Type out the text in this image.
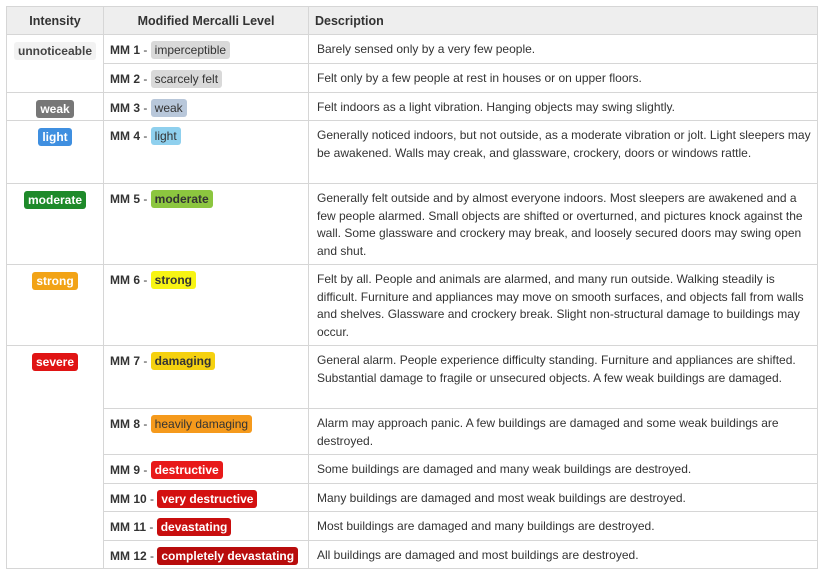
Intensity	Modified Mercalli Level	Description
unnoticeable	MM 1 - imperceptible	Barely sensed only by a very few people.
	MM 2 - scarcely felt	Felt only by a few people at rest in houses or on upper floors.
weak	MM 3 - weak	Felt indoors as a light vibration. Hanging objects may swing slightly.
light	MM 4 - light	Generally noticed indoors, but not outside, as a moderate vibration or jolt. Light sleepers may be awakened. Walls may creak, and glassware, crockery, doors or windows rattle.
moderate	MM 5 - moderate	Generally felt outside and by almost everyone indoors. Most sleepers are awakened and a few people alarmed. Small objects are shifted or overturned, and pictures knock against the wall. Some glassware and crockery may break, and loosely secured doors may swing open and shut.
strong	MM 6 - strong	Felt by all. People and animals are alarmed, and many run outside. Walking steadily is difficult. Furniture and appliances may move on smooth surfaces, and objects fall from walls and shelves. Glassware and crockery break. Slight non-structural damage to buildings may occur.
severe	MM 7 - damaging	General alarm. People experience difficulty standing. Furniture and appliances are shifted. Substantial damage to fragile or unsecured objects. A few weak buildings are damaged.
	MM 8 - heavily damaging	Alarm may approach panic. A few buildings are damaged and some weak buildings are destroyed.
	MM 9 - destructive	Some buildings are damaged and many weak buildings are destroyed.
	MM 10 - very destructive	Many buildings are damaged and most weak buildings are destroyed.
	MM 11 - devastating	Most buildings are damaged and many buildings are destroyed.
	MM 12 - completely devastating	All buildings are damaged and most buildings are destroyed.
